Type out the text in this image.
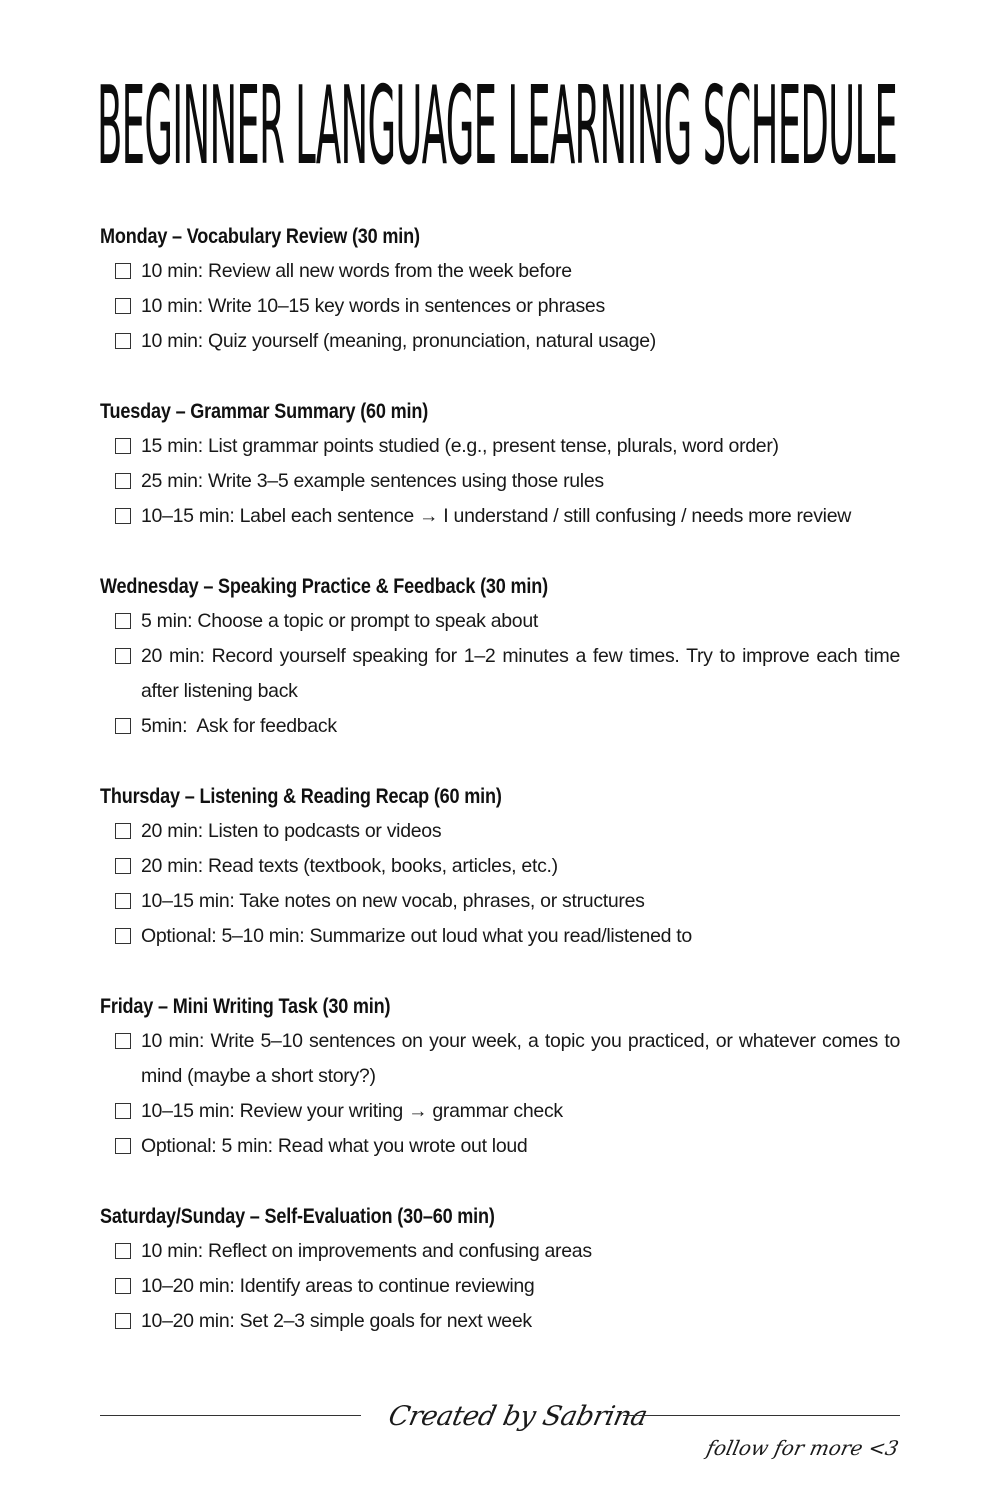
BEGINNER LANGUAGE LEARNING SCHEDULE
Monday – Vocabulary Review (30 min)
10 min: Review all new words from the week before
10 min: Write 10–15 key words in sentences or phrases
10 min: Quiz yourself (meaning, pronunciation, natural usage)
Tuesday – Grammar Summary (60 min)
15 min: List grammar points studied (e.g., present tense, plurals, word order)
25 min: Write 3–5 example sentences using those rules
10–15 min: Label each sentence → I understand / still confusing / needs more review
Wednesday – Speaking Practice & Feedback (30 min)
5 min: Choose a topic or prompt to speak about
20 min: Record yourself speaking for 1–2 minutes a few times. Try to improve each time after listening back
5min:  Ask for feedback
Thursday – Listening & Reading Recap (60 min)
20 min: Listen to podcasts or videos
20 min: Read texts (textbook, books, articles, etc.)
10–15 min: Take notes on new vocab, phrases, or structures
Optional: 5–10 min: Summarize out loud what you read/listened to
Friday – Mini Writing Task (30 min)
10 min: Write 5–10 sentences on your week, a topic you practiced, or whatever comes to mind (maybe a short story?)
10–15 min: Review your writing → grammar check
Optional: 5 min: Read what you wrote out loud
Saturday/Sunday – Self-Evaluation (30–60 min)
10 min: Reflect on improvements and confusing areas
10–20 min: Identify areas to continue reviewing
10–20 min: Set 2–3 simple goals for next week
Created by Sabrina
follow for more <3
